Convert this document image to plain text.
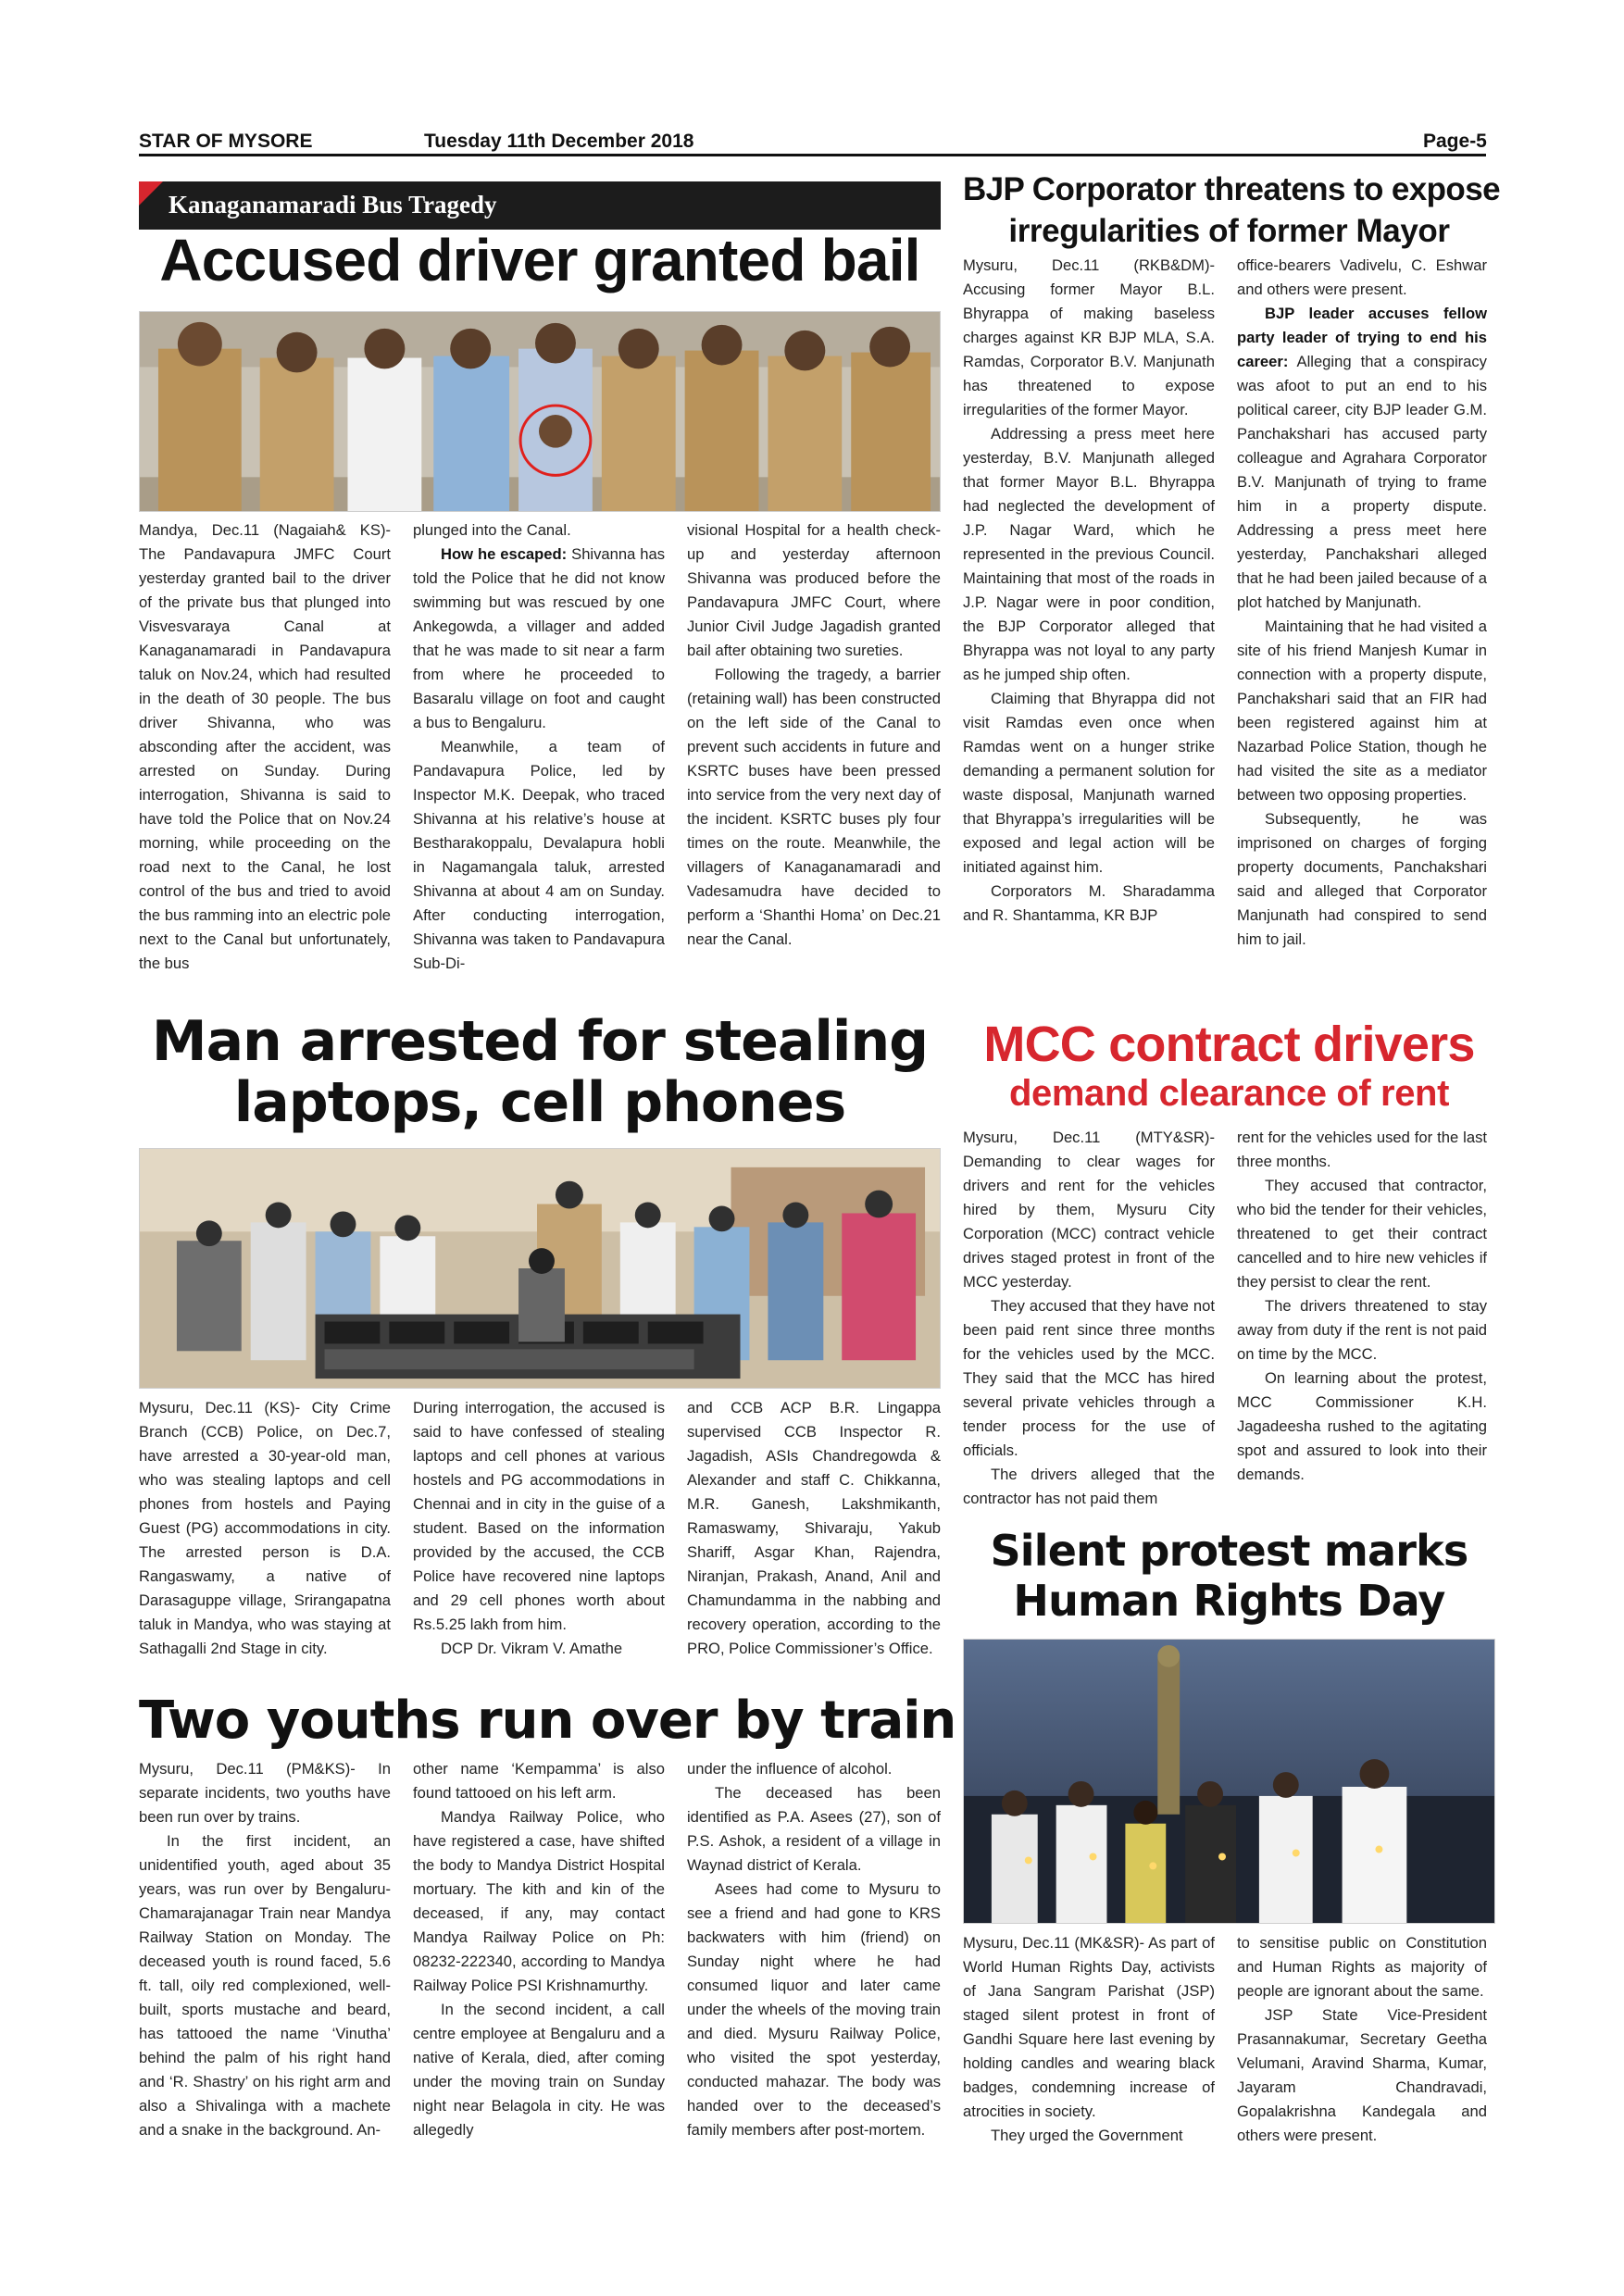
STAR OF MYSORE	Tuesday 11th December 2018	Page-5
Kanaganamaradi Bus Tragedy
Accused driver granted bail

Mandya, Dec.11 (Nagaiah& KS)- The Pandavapura JMFC Court yesterday granted bail to the driver of the private bus that plunged into Visvesvaraya Canal at Kanaganamaradi in Pandavapura taluk on Nov.24, which had resulted in the death of 30 people. The bus driver Shivanna, who was absconding after the accident, was arrested on Sunday. During interrogation, Shivanna is said to have told the Police that on Nov.24 morning, while proceeding on the road next to the Canal, he lost control of the bus and tried to avoid the bus ramming into an electric pole next to the Canal but unfortunately, the bus

plunged into the Canal.

How he escaped: Shivanna has told the Police that he did not know swimming but was rescued by one Ankegowda, a villager and added that he was made to sit near a farm from where he proceeded to Basaralu village on foot and caught a bus to Bengaluru.

Meanwhile, a team of Pandavapura Police, led by Inspector M.K. Deepak, who traced Shivanna at his relative’s house at Bestharakoppalu, Devalapura hobli in Nagamangala taluk, arrested Shivanna at about 4 am on Sunday. After conducting interrogation, Shivanna was taken to Pandavapura Sub-Di-

visional Hospital for a health check-up and yesterday afternoon Shivanna was produced before the Pandavapura JMFC Court, where Junior Civil Judge Jagadish granted bail after obtaining two sureties.

Following the tragedy, a barrier (retaining wall) has been constructed on the left side of the Canal to prevent such accidents in future and KSRTC buses have been pressed into service from the very next day of the incident. KSRTC buses ply four times on the route. Meanwhile, the villagers of Kanaganamaradi and Vadesamudra have decided to perform a ‘Shanthi Homa’ on Dec.21 near the Canal.

BJP Corporator threatens to expose
irregularities of former Mayor

Mysuru, Dec.11 (RKB&DM)- Accusing former Mayor B.L. Bhyrappa of making baseless charges against KR BJP MLA, S.A. Ramdas, Corporator B.V. Manjunath has threatened to expose irregularities of the former Mayor.

Addressing a press meet here yesterday, B.V. Manjunath alleged that former Mayor B.L. Bhyrappa had neglected the development of J.P. Nagar Ward, which he represented in the previous Council. Maintaining that most of the roads in J.P. Nagar were in poor condition, the BJP Corporator alleged that Bhyrappa was not loyal to any party as he jumped ship often.

Claiming that Bhyrappa did not visit Ramdas even once when Ramdas went on a hunger strike demanding a permanent solution for waste disposal, Manjunath warned that Bhyrappa’s irregularities will be exposed and legal action will be initiated against him.

Corporators M. Sharadamma and R. Shantamma, KR BJP

office-bearers Vadivelu, C. Eshwar and others were present.

BJP leader accuses fellow party leader of trying to end his career: Alleging that a conspiracy was afoot to put an end to his political career, city BJP leader G.M. Panchakshari has accused party colleague and Agrahara Corporator B.V. Manjunath of trying to frame him in a property dispute. Addressing a press meet here yesterday, Panchakshari alleged that he had been jailed because of a plot hatched by Manjunath.

Maintaining that he had visited a site of his friend Manjesh Kumar in connection with a property dispute, Panchakshari said that an FIR had been registered against him at Nazarbad Police Station, though he had visited the site as a mediator between two opposing properties.

Subsequently, he was imprisoned on charges of forging property documents, Panchakshari said and alleged that Corporator Manjunath had conspired to send him to jail.

Man arrested for stealing
laptops, cell phones

Mysuru, Dec.11 (KS)- City Crime Branch (CCB) Police, on Dec.7, have arrested a 30-year-old man, who was stealing laptops and cell phones from hostels and Paying Guest (PG) accommodations in city. The arrested person is D.A. Rangaswamy, a native of Darasaguppe village, Srirangapatna taluk in Mandya, who was staying at Sathagalli 2nd Stage in city.

During interrogation, the accused is said to have confessed of stealing laptops and cell phones at various hostels and PG accommodations in Chennai and in city in the guise of a student. Based on the information provided by the accused, the CCB Police have recovered nine laptops and 29 cell phones worth about Rs.5.25 lakh from him.

DCP Dr. Vikram V. Amathe

and CCB ACP B.R. Lingappa supervised CCB Inspector R. Jagadish, ASIs Chandregowda & Alexander and staff C. Chikkanna, M.R. Ganesh, Lakshmikanth, Ramaswamy, Shivaraju, Yakub Shariff, Asgar Khan, Rajendra, Niranjan, Prakash, Anand, Anil and Chamundamma in the nabbing and recovery operation, according to the PRO, Police Commissioner’s Office.

MCC contract drivers
demand clearance of rent

Mysuru, Dec.11 (MTY&SR)- Demanding to clear wages for drivers and rent for the vehicles hired by them, Mysuru City Corporation (MCC) contract vehicle drives staged protest in front of the MCC yesterday.

They accused that they have not been paid rent since three months for the vehicles used by the MCC. They said that the MCC has hired several private vehicles through a tender process for the use of officials.

The drivers alleged that the contractor has not paid them

rent for the vehicles used for the last three months.

They accused that contractor, who bid the tender for their vehicles, threatened to get their contract cancelled and to hire new vehicles if they persist to clear the rent.

The drivers threatened to stay away from duty if the rent is not paid on time by the MCC.

On learning about the protest, MCC Commissioner K.H. Jagadeesha rushed to the agitating spot and assured to look into their demands.

Silent protest marks
Human Rights Day

Mysuru, Dec.11 (MK&SR)- As part of World Human Rights Day, activists of Jana Sangram Parishat (JSP) staged silent protest in front of Gandhi Square here last evening by holding candles and wearing black badges, condemning increase of atrocities in society.

They urged the Government

to sensitise public on Constitution and Human Rights as majority of people are ignorant about the same.

JSP State Vice-President Prasannakumar, Secretary Geetha Velumani, Aravind Sharma, Kumar, Jayaram Chandravadi, Gopalakrishna Kandegala and others were present.

Two youths run over by train

Mysuru, Dec.11 (PM&KS)- In separate incidents, two youths have been run over by trains.

In the first incident, an unidentified youth, aged about 35 years, was run over by Bengaluru-Chamarajanagar Train near Mandya Railway Station on Monday. The deceased youth is round faced, 5.6 ft. tall, oily red complexioned, well-built, sports mustache and beard, has tattooed the name ‘Vinutha’ behind the palm of his right hand and ‘R. Shastry’ on his right arm and also a Shivalinga with a machete and a snake in the background. An-

other name ‘Kempamma’ is also found tattooed on his left arm.

Mandya Railway Police, who have registered a case, have shifted the body to Mandya District Hospital mortuary. The kith and kin of the deceased, if any, may contact Mandya Railway Police on Ph: 08232-222340, according to Mandya Railway Police PSI Krishnamurthy.

In the second incident, a call centre employee at Bengaluru and a native of Kerala, died, after coming under the moving train on Sunday night near Belagola in city. He was allegedly

under the influence of alcohol.

The deceased has been identified as P.A. Asees (27), son of P.S. Ashok, a resident of a village in Waynad district of Kerala.

Asees had come to Mysuru to see a friend and had gone to KRS backwaters with him (friend) on Sunday night where he had consumed liquor and later came under the wheels of the moving train and died. Mysuru Railway Police, who visited the spot yesterday, conducted mahazar. The body was handed over to the deceased’s family members after post-mortem.
